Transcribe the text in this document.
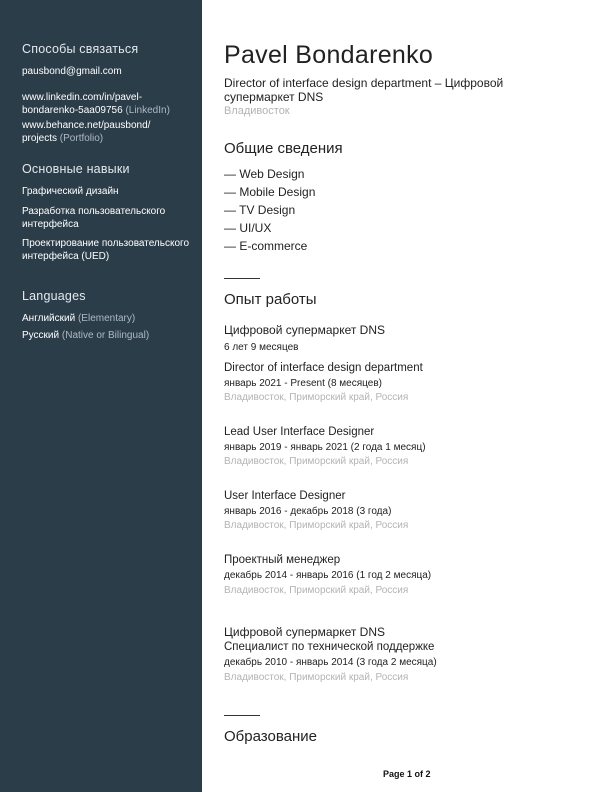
Способы связаться
pausbond@gmail.com
www.linkedin.com/in/pavel-
bondarenko-5aa09756 (LinkedIn)
www.behance.net/pausbond/
projects (Portfolio)
Основные навыки
Графический дизайн
Разработка пользовательского интерфейса
Проектирование пользовательского интерфейса (UED)
Languages
Английский (Elementary)
Русский (Native or Bilingual)
Pavel Bondarenko
Director of interface design department – Цифровой супермаркет DNS
Владивосток
Общие сведения
— Web Design
— Mobile Design
— TV Design
— UI/UX
— E-commerce
Опыт работы
Цифровой супермаркет DNS
6 лет 9 месяцев
Director of interface design department
январь 2021 - Present (8 месяцев)
Владивосток, Приморский край, Россия
Lead User Interface Designer
январь 2019 - январь 2021 (2 года 1 месяц)
Владивосток, Приморский край, Россия
User Interface Designer
январь 2016 - декабрь 2018 (3 года)
Владивосток, Приморский край, Россия
Проектный менеджер
декабрь 2014 - январь 2016 (1 год 2 месяца)
Владивосток, Приморский край, Россия
Цифровой супермаркет DNS
Специалист по технической поддержке
декабрь 2010 - январь 2014 (3 года 2 месяца)
Владивосток, Приморский край, Россия
Образование
Page 1 of 2
